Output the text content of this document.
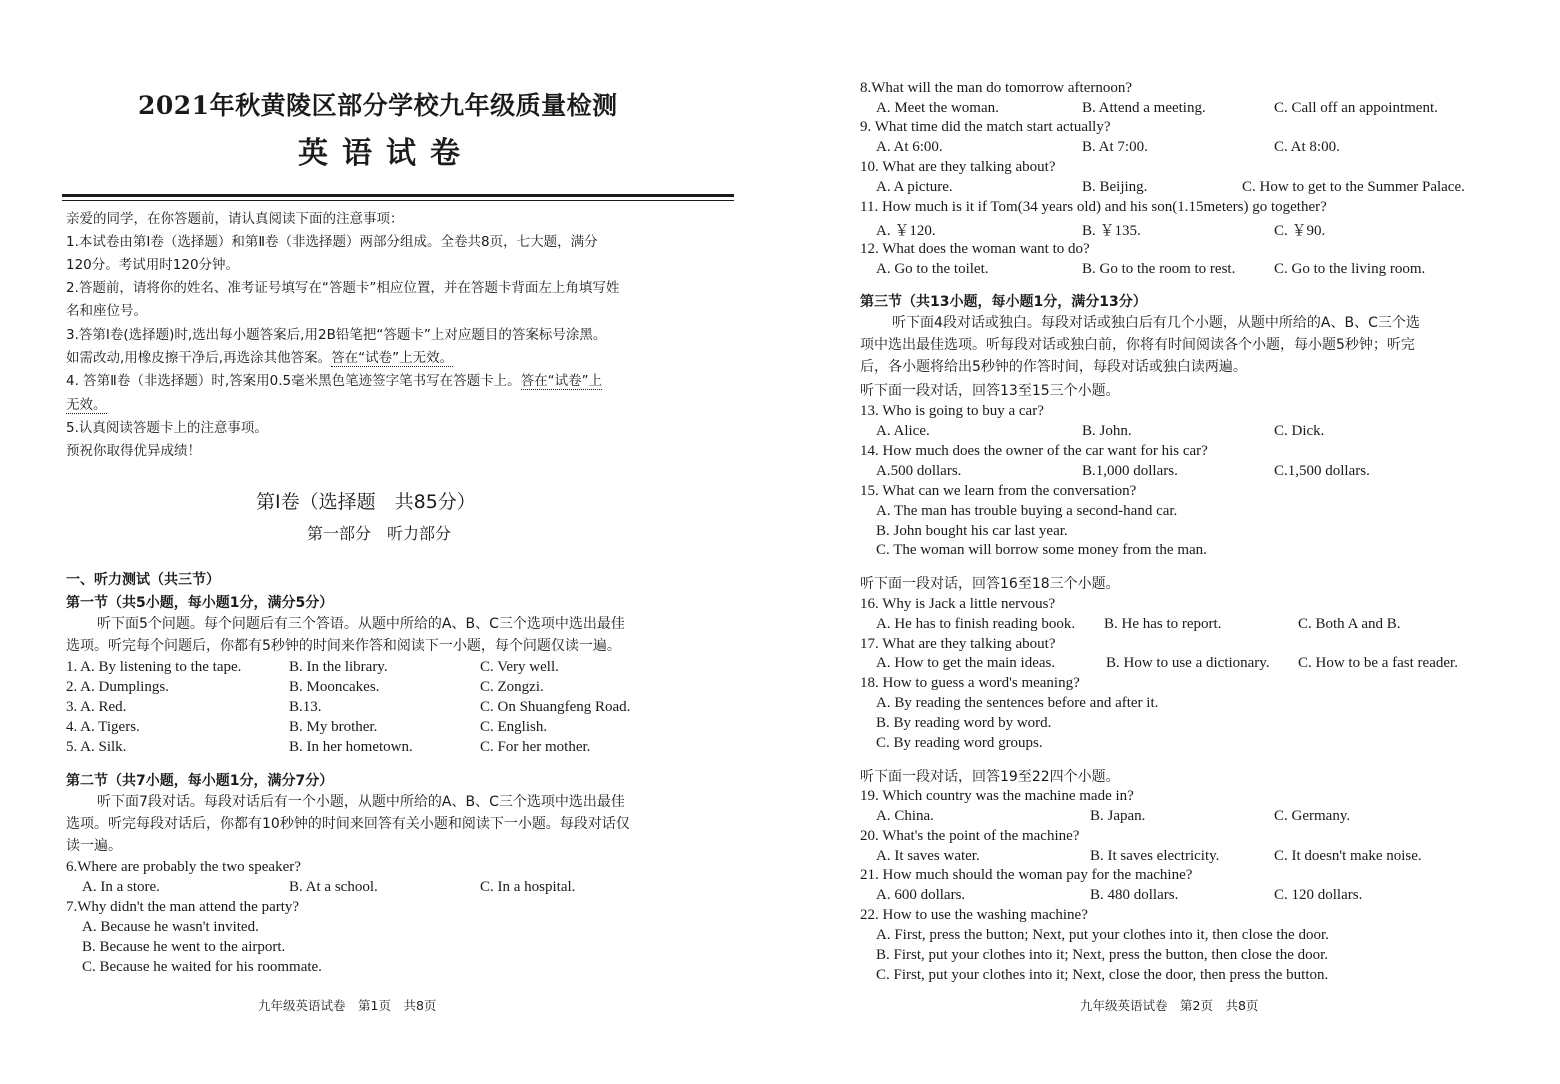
2021年秋黄陵区部分学校九年级质量检测
英语试卷
亲爱的同学，在你答题前，请认真阅读下面的注意事项：
1.本试卷由第Ⅰ卷（选择题）和第Ⅱ卷（非选择题）两部分组成。全卷共8页，七大题，满分
120分。考试用时120分钟。
2.答题前，请将你的姓名、准考证号填写在“答题卡”相应位置，并在答题卡背面左上角填写姓
名和座位号。
3.答第Ⅰ卷(选择题)时,选出每小题答案后,用2B铅笔把“答题卡”上对应题目的答案标号涂黑。
如需改动,用橡皮擦干净后,再选涂其他答案。答在“试卷”上无效。
4. 答第Ⅱ卷（非选择题）时,答案用0.5毫米黑色笔迹签字笔书写在答题卡上。答在“试卷”上
无效。
5.认真阅读答题卡上的注意事项。
预祝你取得优异成绩！
第Ⅰ卷（选择题　共85分）
第一部分　听力部分
一、听力测试（共三节）
第一节（共5小题，每小题1分，满分5分）
听下面5个问题。每个问题后有三个答语。从题中所给的A、B、C三个选项中选出最佳
选项。听完每个问题后，你都有5秒钟的时间来作答和阅读下一小题，每个问题仅读一遍。
1. A. By listening to the tape.	B. In the library.	C. Very well.
2. A. Dumplings.	B. Mooncakes.	C. Zongzi.
3. A. Red.	B.13.	C. On Shuangfeng Road.
4. A. Tigers.	B. My brother.	C. English.
5. A. Silk.	B. In her hometown.	C. For her mother.
第二节（共7小题，每小题1分，满分7分）
听下面7段对话。每段对话后有一个小题，从题中所给的A、B、C三个选项中选出最佳
选项。听完每段对话后，你都有10秒钟的时间来回答有关小题和阅读下一小题。每段对话仅
读一遍。
6.Where are probably the two speaker?
A. In a store.	B. At a school.	C. In a hospital.
7.Why didn't the man attend the party?
A. Because he wasn't invited.
B. Because he went to the airport.
C. Because he waited for his roommate.
九年级英语试卷　第1页　共8页
8.What will the man do tomorrow afternoon?
A. Meet the woman.	B. Attend a meeting.	C. Call off an appointment.
9. What time did the match start actually?
A. At 6:00.	B. At 7:00.	C. At 8:00.
10. What are they talking about?
A. A picture.	B. Beijing.	C. How to get to the Summer Palace.
11. How much is it if Tom(34 years old) and his son(1.15meters) go together?
A. ￥120.	B. ￥135.	C. ￥90.
12. What does the woman want to do?
A. Go to the toilet.	B. Go to the room to rest.	C. Go to the living room.
第三节（共13小题，每小题1分，满分13分）
听下面4段对话或独白。每段对话或独白后有几个小题，从题中所给的A、B、C三个选
项中选出最佳选项。听每段对话或独白前，你将有时间阅读各个小题，每小题5秒钟；听完
后，各小题将给出5秒钟的作答时间，每段对话或独白读两遍。
听下面一段对话，回答13至15三个小题。
13. Who is going to buy a car?
A. Alice.	B. John.	C. Dick.
14. How much does the owner of the car want for his car?
A.500 dollars.	B.1,000 dollars.	C.1,500 dollars.
15. What can we learn from the conversation?
A. The man has trouble buying a second-hand car.
B. John bought his car last year.
C. The woman will borrow some money from the man.
听下面一段对话，回答16至18三个小题。
16. Why is Jack a little nervous?
A. He has to finish reading book. B. He has to report.	C. Both A and B.
17. What are they talking about?
A. How to get the main ideas.	B. How to use a dictionary. C. How to be a fast reader.
18. How to guess a word's meaning?
A. By reading the sentences before and after it.
B. By reading word by word.
C. By reading word groups.
听下面一段对话，回答19至22四个小题。
19. Which country was the machine made in?
A. China.	B. Japan.	C. Germany.
20. What's the point of the machine?
A. It saves water.	B. It saves electricity.	C. It doesn't make noise.
21. How much should the woman pay for the machine?
A. 600 dollars.	B. 480 dollars.	C. 120 dollars.
22. How to use the washing machine?
A. First, press the button; Next, put your clothes into it, then close the door.
B. First, put your clothes into it; Next, press the button, then close the door.
C. First, put your clothes into it; Next, close the door, then press the button.
九年级英语试卷　第2页　共8页
